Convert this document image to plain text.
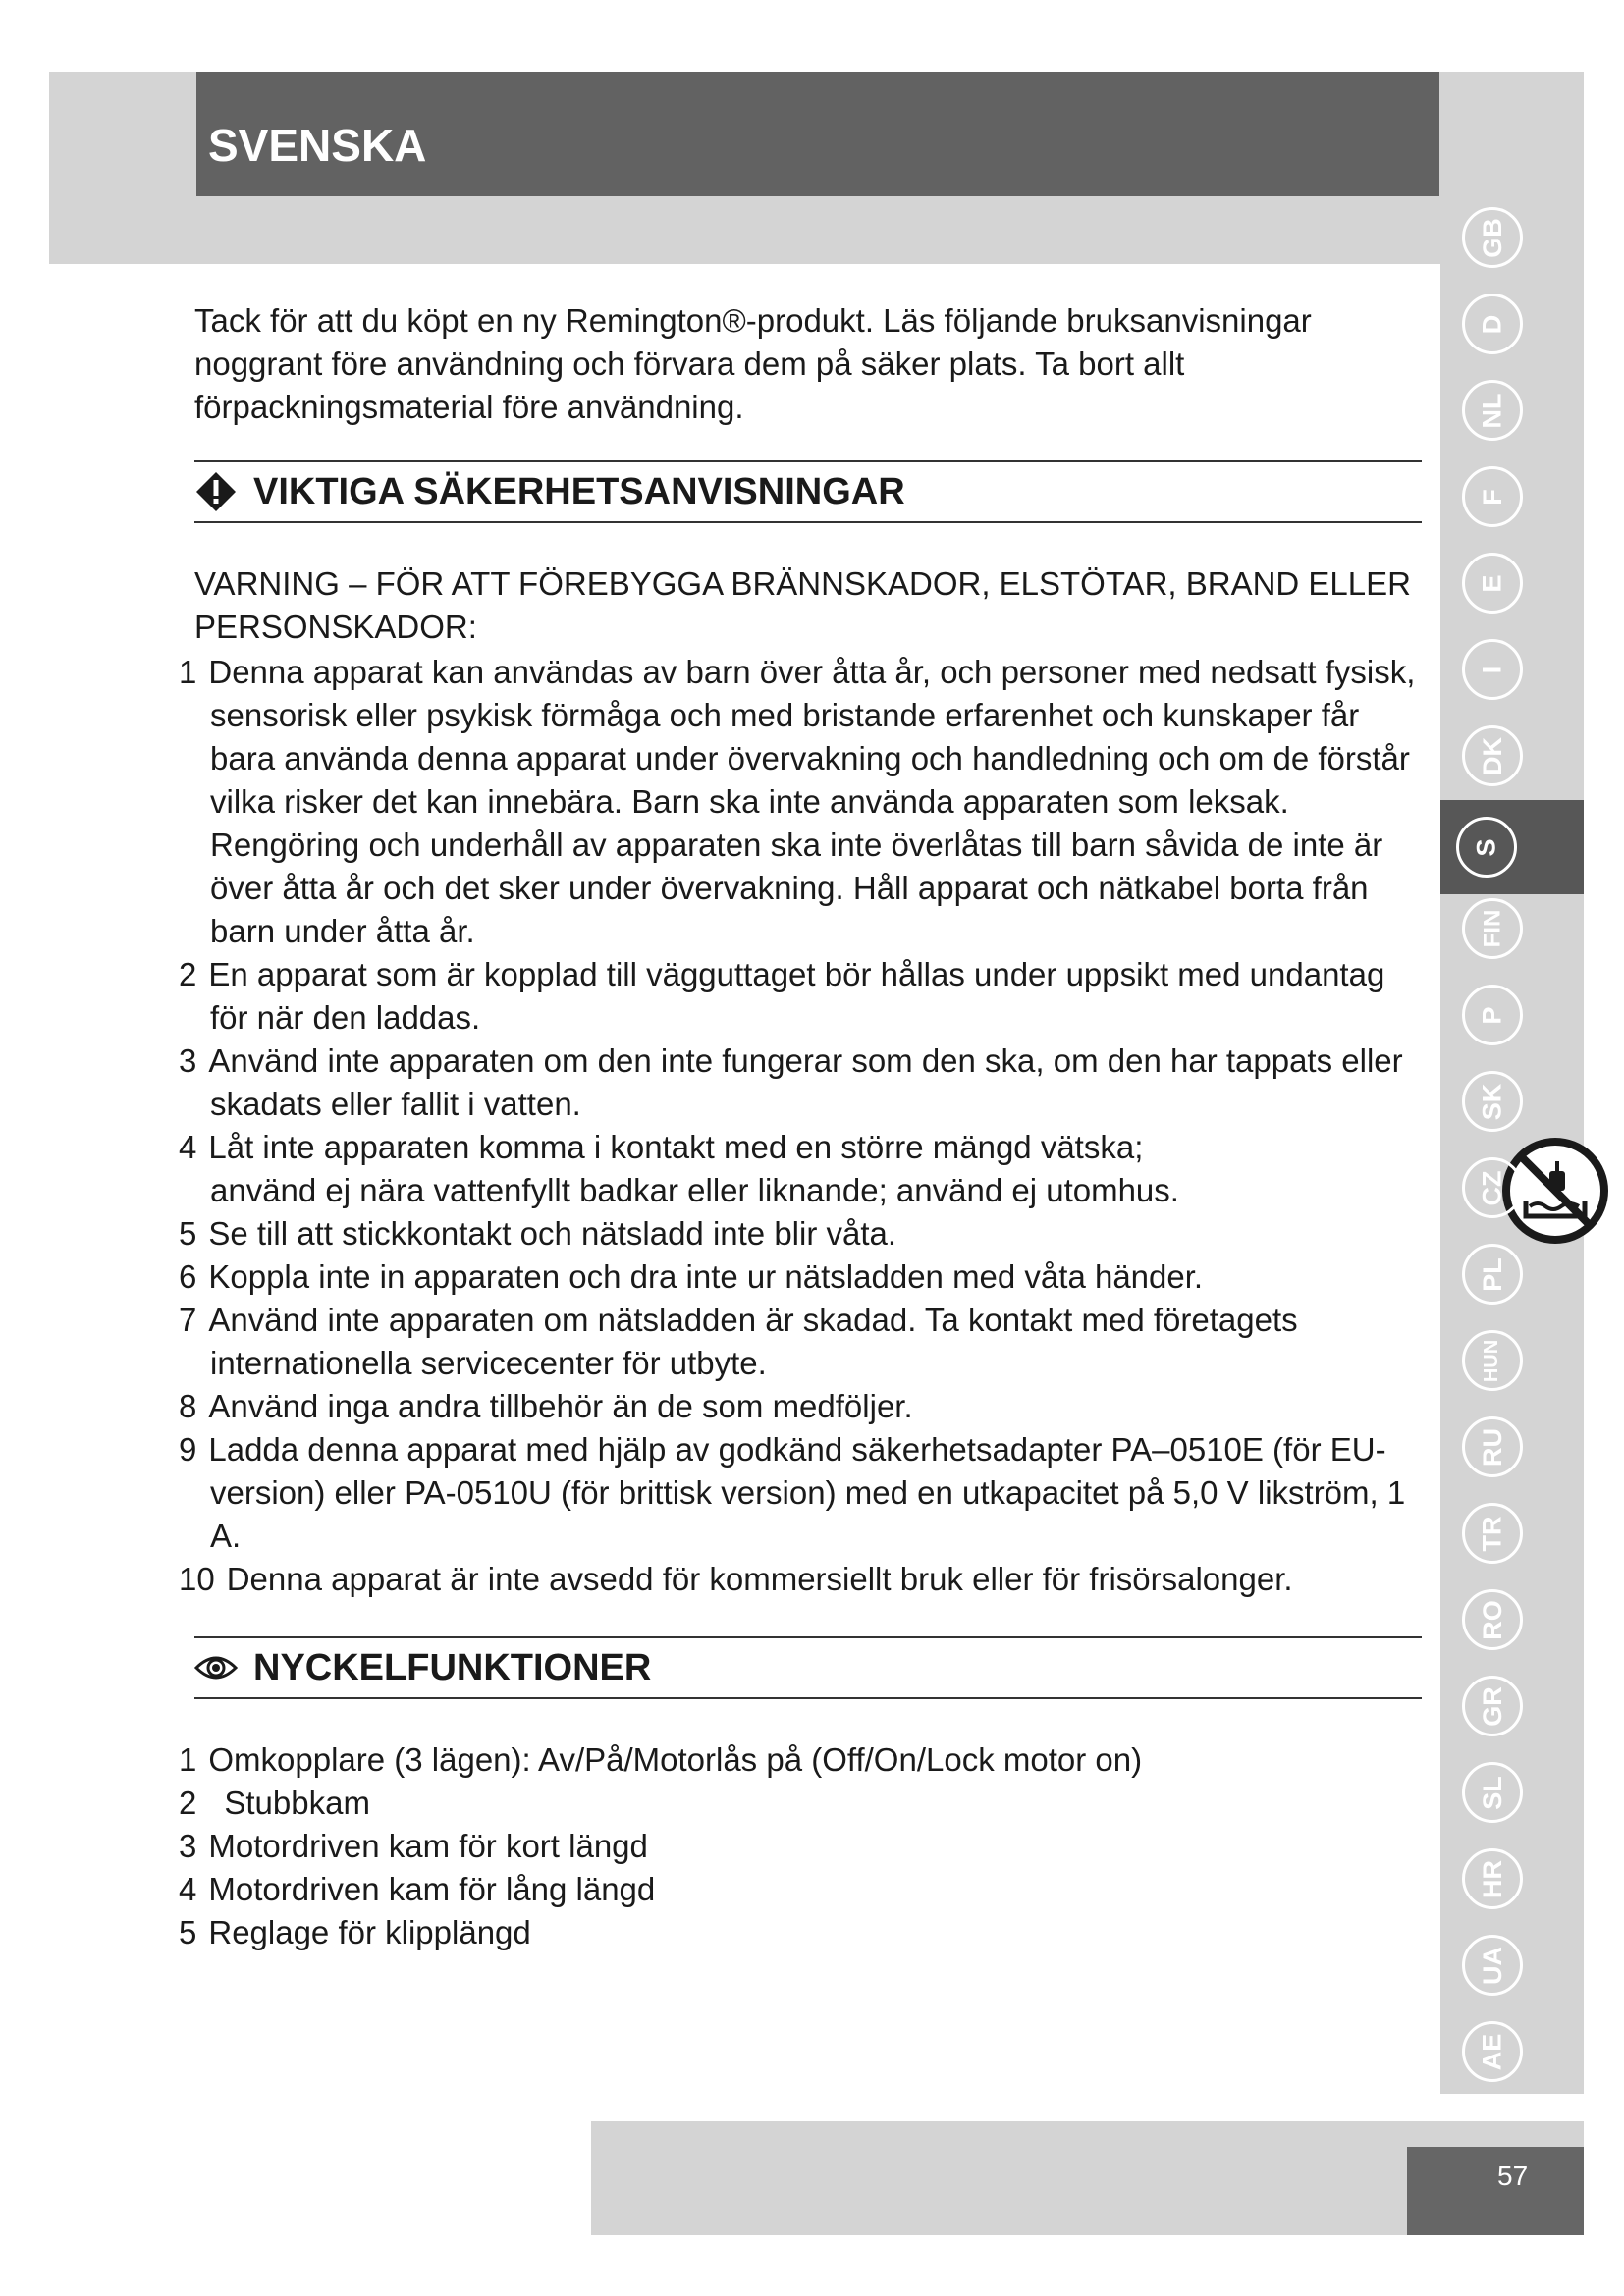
SVENSKA

Tack för att du köpt en ny Remington®-produkt. Läs följande bruksanvisningar noggrant före användning och förvara dem på säker plats. Ta bort allt förpackningsmaterial före användning.

VIKTIGA SÄKERHETSANVISNINGAR

VARNING – FÖR ATT FÖREBYGGA BRÄNNSKADOR, ELSTÖTAR, BRAND ELLER PERSONSKADOR:

1 Denna apparat kan användas av barn över åtta år, och personer med nedsatt fysisk, sensorisk eller psykisk förmåga och med bristande erfarenhet och kunskaper får bara använda denna apparat under övervakning och handledning och om de förstår vilka risker det kan innebära. Barn ska inte använda apparaten som leksak. Rengöring och underhåll av apparaten ska inte överlåtas till barn såvida de inte är över åtta år och det sker under övervakning. Håll apparat och nätkabel borta från barn under åtta år.
2 En apparat som är kopplad till vägguttaget bör hållas under uppsikt med undantag för när den laddas.
3 Använd inte apparaten om den inte fungerar som den ska, om den har tappats eller skadats eller fallit i vatten.
4 Låt inte apparaten komma i kontakt med en större mängd vätska; använd ej nära vattenfyllt badkar eller liknande; använd ej utomhus.
5 Se till att stickkontakt och nätsladd inte blir våta.
6 Koppla inte in apparaten och dra inte ur nätsladden med våta händer.
7 Använd inte apparaten om nätsladden är skadad. Ta kontakt med företagets internationella servicecenter för utbyte.
8 Använd inga andra tillbehör än de som medföljer.
9 Ladda denna apparat med hjälp av godkänd säkerhetsadapter PA–0510E (för EU-version) eller PA-0510U (för brittisk version) med en utkapacitet på 5,0 V likström, 1 A.
10 Denna apparat är inte avsedd för kommersiellt bruk eller för frisörsalonger.
NYCKELFUNKTIONER
1 Omkopplare (3 lägen): Av/På/Motorlås på (Off/On/Lock motor on)
2 Stubbkam
3 Motordriven kam för kort längd
4 Motordriven kam för lång längd
5 Reglage för klipplängd
GB
D
NL
F
E
I
DK
S
FIN
P
SK
CZ
PL
HUN
RU
TR
RO
GR
SL
HR
UA
AE
57
